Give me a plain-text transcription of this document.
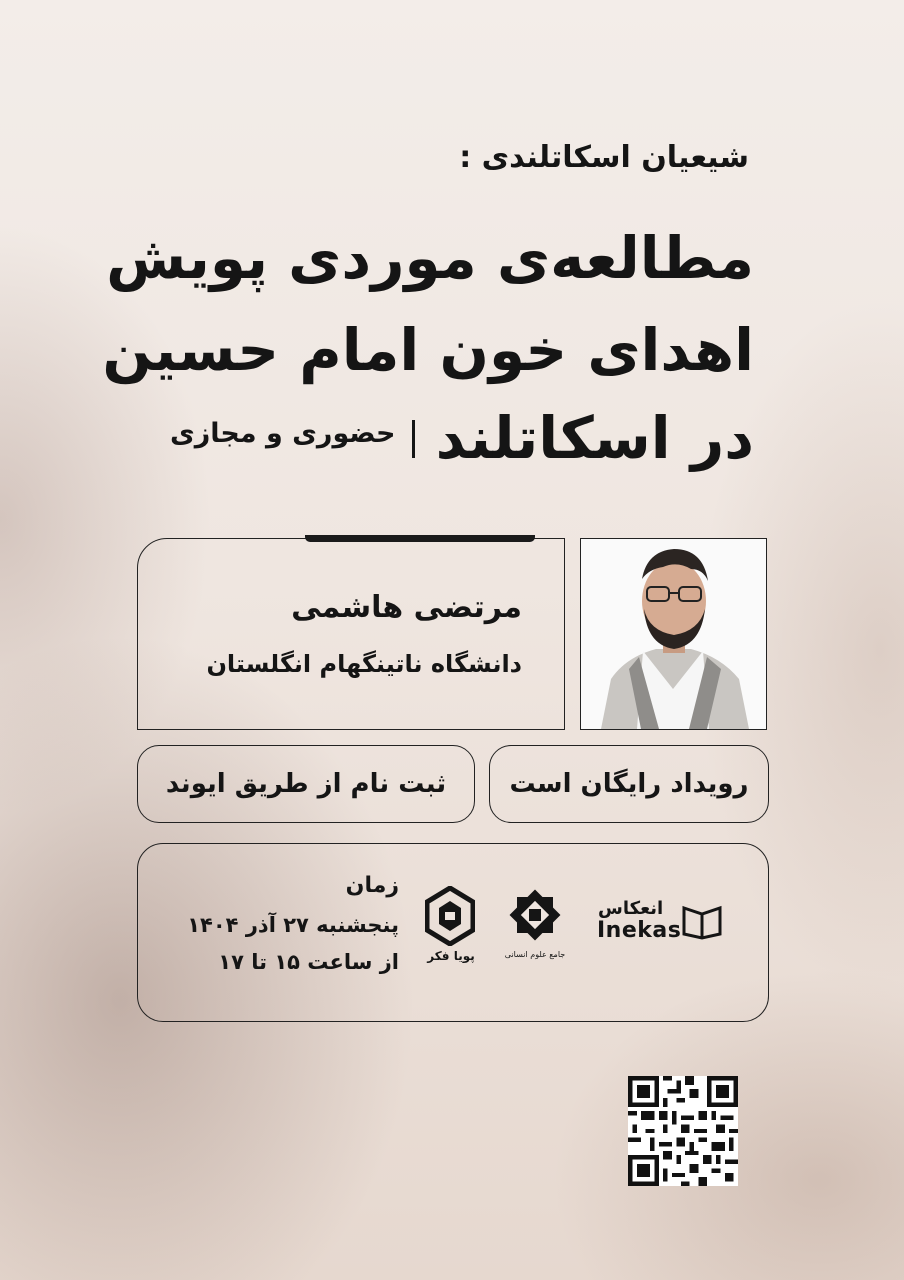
شیعیان اسکاتلندی :
مطالعه‌ی موردی پویش
اهدای خون امام حسین
در اسکاتلند
حضوری و مجازی
مرتضی هاشمی
دانشگاه ناتینگهام انگلستان
رویداد رایگان است
ثبت نام از طریق ایوند
زمان
پنجشنبه ۲۷ آذر ۱۴۰۴
از ساعت ۱۵ تا ۱۷
انعکاس
Inekas
جامع علوم انسانی
پویا فکر
